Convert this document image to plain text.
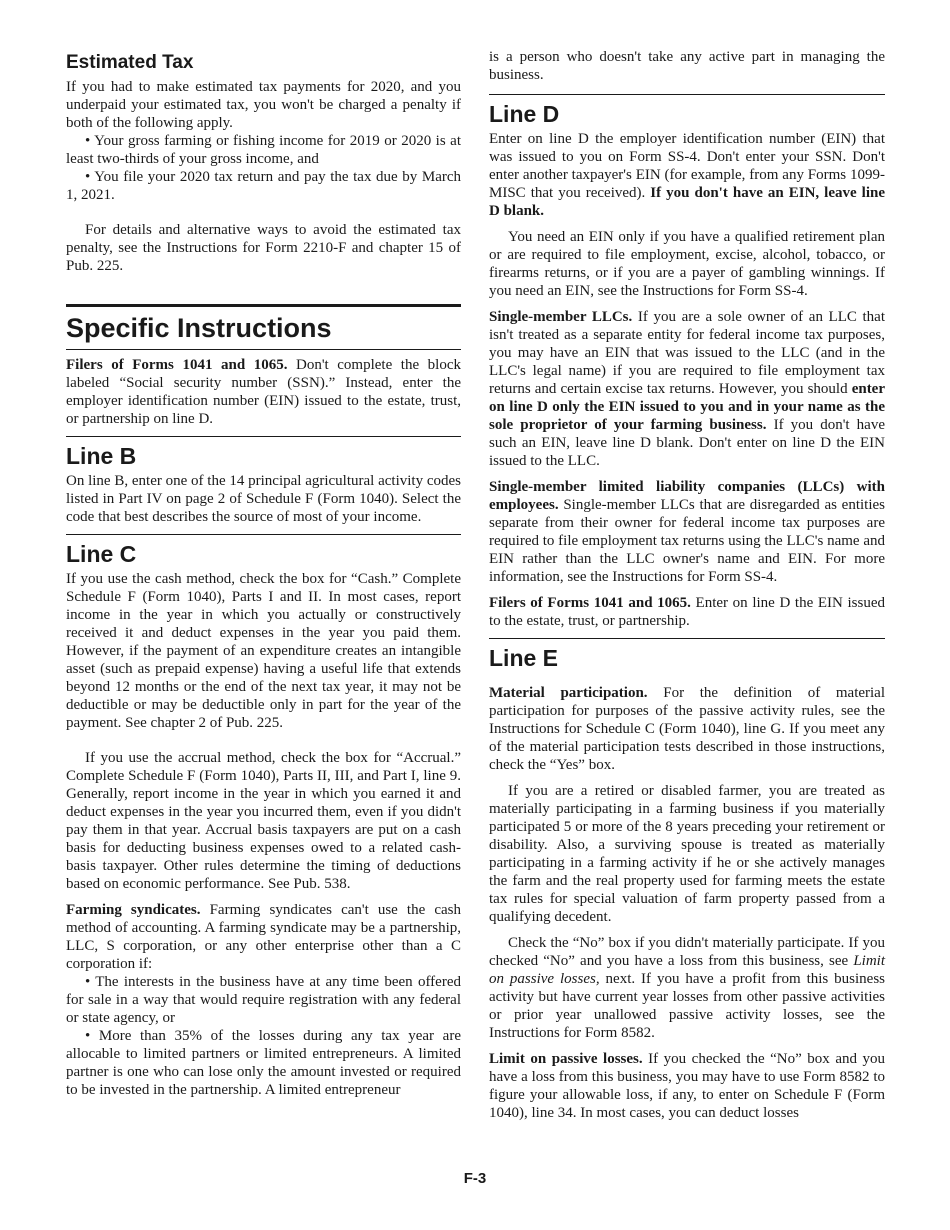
Estimated Tax

If you had to make estimated tax payments for 2020, and you underpaid your estimated tax, you won't be charged a penalty if both of the following apply.

• Your gross farming or fishing income for 2019 or 2020 is at least two-thirds of your gross income, and

• You file your 2020 tax return and pay the tax due by March 1, 2021.

For details and alternative ways to avoid the estimated tax penalty, see the Instructions for Form 2210-F and chapter 15 of Pub. 225.

Specific Instructions

Filers of Forms 1041 and 1065. Don't complete the block labeled “Social security number (SSN).” Instead, enter the employer identification number (EIN) issued to the estate, trust, or partnership on line D.

Line B

On line B, enter one of the 14 principal agricultural activity codes listed in Part IV on page 2 of Schedule F (Form 1040). Select the code that best describes the source of most of your income.

Line C

If you use the cash method, check the box for “Cash.” Complete Schedule F (Form 1040), Parts I and II. In most cases, report income in the year in which you actually or constructively received it and deduct expenses in the year you paid them. However, if the payment of an expenditure creates an intangible asset (such as prepaid expense) having a useful life that extends beyond 12 months or the end of the next tax year, it may not be deductible or may be deductible only in part for the year of the payment. See chapter 2 of Pub. 225.

If you use the accrual method, check the box for “Accrual.” Complete Schedule F (Form 1040), Parts II, III, and Part I, line 9. Generally, report income in the year in which you earned it and deduct expenses in the year you incurred them, even if you didn't pay them in that year. Accrual basis taxpayers are put on a cash basis for deducting business expenses owed to a related cash-basis taxpayer. Other rules determine the timing of deductions based on economic performance. See Pub. 538.

Farming syndicates. Farming syndicates can't use the cash method of accounting. A farming syndicate may be a partnership, LLC, S corporation, or any other enterprise other than a C corporation if:

• The interests in the business have at any time been offered for sale in a way that would require registration with any federal or state agency, or

• More than 35% of the losses during any tax year are allocable to limited partners or limited entrepreneurs. A limited partner is one who can lose only the amount invested or required to be invested in the partnership. A limited entrepreneur

is a person who doesn't take any active part in managing the business.

Line D

Enter on line D the employer identification number (EIN) that was issued to you on Form SS-4. Don't enter your SSN. Don't enter another taxpayer's EIN (for example, from any Forms 1099-MISC that you received). If you don't have an EIN, leave line D blank.

You need an EIN only if you have a qualified retirement plan or are required to file employment, excise, alcohol, tobacco, or firearms returns, or if you are a payer of gambling winnings. If you need an EIN, see the Instructions for Form SS-4.

Single-member LLCs. If you are a sole owner of an LLC that isn't treated as a separate entity for federal income tax purposes, you may have an EIN that was issued to the LLC (and in the LLC's legal name) if you are required to file employment tax returns and certain excise tax returns. However, you should enter on line D only the EIN issued to you and in your name as the sole proprietor of your farming business. If you don't have such an EIN, leave line D blank. Don't enter on line D the EIN issued to the LLC.

Single-member limited liability companies (LLCs) with employees. Single-member LLCs that are disregarded as entities separate from their owner for federal income tax purposes are required to file employment tax returns using the LLC's name and EIN rather than the LLC owner's name and EIN. For more information, see the Instructions for Form SS-4.

Filers of Forms 1041 and 1065. Enter on line D the EIN issued to the estate, trust, or partnership.

Line E

Material participation. For the definition of material participation for purposes of the passive activity rules, see the Instructions for Schedule C (Form 1040), line G. If you meet any of the material participation tests described in those instructions, check the “Yes” box.

If you are a retired or disabled farmer, you are treated as materially participating in a farming business if you materially participated 5 or more of the 8 years preceding your retirement or disability. Also, a surviving spouse is treated as materially participating in a farming activity if he or she actively manages the farm and the real property used for farming meets the estate tax rules for special valuation of farm property passed from a qualifying decedent.

Check the “No” box if you didn't materially participate. If you checked “No” and you have a loss from this business, see Limit on passive losses, next. If you have a profit from this business activity but have current year losses from other passive activities or prior year unallowed passive activity losses, see the Instructions for Form 8582.

Limit on passive losses. If you checked the “No” box and you have a loss from this business, you may have to use Form 8582 to figure your allowable loss, if any, to enter on Schedule F (Form 1040), line 34. In most cases, you can deduct losses

F-3
